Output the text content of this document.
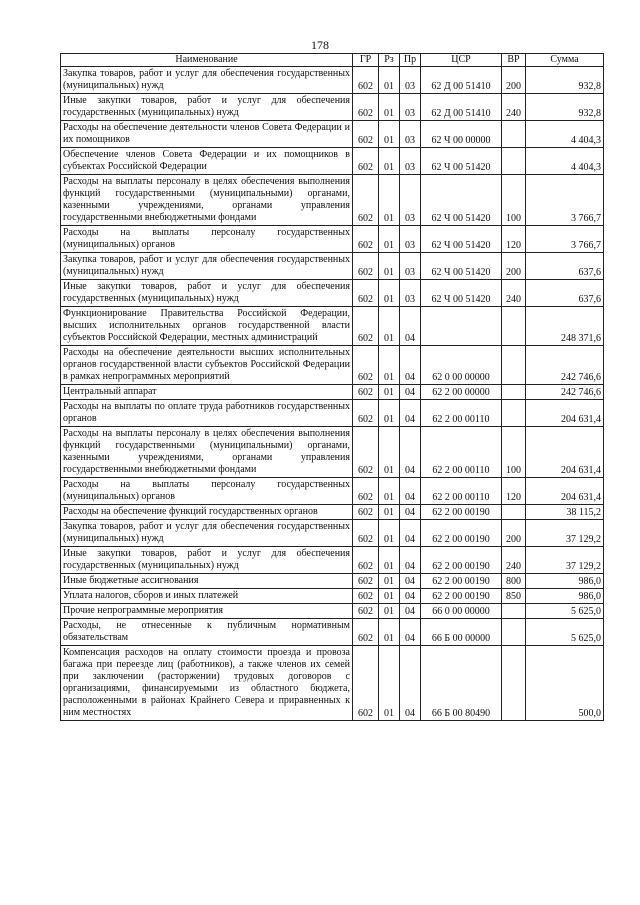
178
Наименование	ГР	Рз	Пр	ЦСР	ВР	Сумма
Закупка товаров, работ и услуг для обеспечения государственных (муниципальных) нужд	602	01	03	62 Д 00 51410	200	932,8
Иные закупки товаров, работ и услуг для обеспечения государственных (муниципальных) нужд	602	01	03	62 Д 00 51410	240	932,8
Расходы на обеспечение деятельности членов Совета Федерации и их помощников	602	01	03	62 Ч 00 00000		4 404,3
Обеспечение членов Совета Федерации и их помощников в субъектах Российской Федерации	602	01	03	62 Ч 00 51420		4 404,3
Расходы на выплаты персоналу в целях обеспечения выполнения функций государственными (муниципальными) органами, казенными учреждениями, органами управления государственными внебюджетными фондами	602	01	03	62 Ч 00 51420	100	3 766,7
Расходы на выплаты персоналу государственных (муниципальных) органов	602	01	03	62 Ч 00 51420	120	3 766,7
Закупка товаров, работ и услуг для обеспечения государственных (муниципальных) нужд	602	01	03	62 Ч 00 51420	200	637,6
Иные закупки товаров, работ и услуг для обеспечения государственных (муниципальных) нужд	602	01	03	62 Ч 00 51420	240	637,6
Функционирование Правительства Российской Федерации, высших исполнительных органов государственной власти субъектов Российской Федерации, местных администраций	602	01	04			248 371,6
Расходы на обеспечение деятельности высших исполнительных органов государственной власти субъектов Российской Федерации в рамках непрограммных мероприятий	602	01	04	62 0 00 00000		242 746,6
Центральный аппарат	602	01	04	62 2 00 00000		242 746,6
Расходы на выплаты по оплате труда работников государственных органов	602	01	04	62 2 00 00110		204 631,4
Расходы на выплаты персоналу в целях обеспечения выполнения функций государственными (муниципальными) органами, казенными учреждениями, органами управления государственными внебюджетными фондами	602	01	04	62 2 00 00110	100	204 631,4
Расходы на выплаты персоналу государственных (муниципальных) органов	602	01	04	62 2 00 00110	120	204 631,4
Расходы на обеспечение функций государственных органов	602	01	04	62 2 00 00190		38 115,2
Закупка товаров, работ и услуг для обеспечения государственных (муниципальных) нужд	602	01	04	62 2 00 00190	200	37 129,2
Иные закупки товаров, работ и услуг для обеспечения государственных (муниципальных) нужд	602	01	04	62 2 00 00190	240	37 129,2
Иные бюджетные ассигнования	602	01	04	62 2 00 00190	800	986,0
Уплата налогов, сборов и иных платежей	602	01	04	62 2 00 00190	850	986,0
Прочие непрограммные мероприятия	602	01	04	66 0 00 00000		5 625,0
Расходы, не отнесенные к публичным нормативным обязательствам	602	01	04	66 Б 00 00000		5 625,0
Компенсация расходов на оплату стоимости проезда и провоза багажа при переезде лиц (работников), а также членов их семей при заключении (расторжении) трудовых договоров с организациями, финансируемыми из областного бюджета, расположенными в районах Крайнего Севера и приравненных к ним местностях	602	01	04	66 Б 00 80490		500,0
